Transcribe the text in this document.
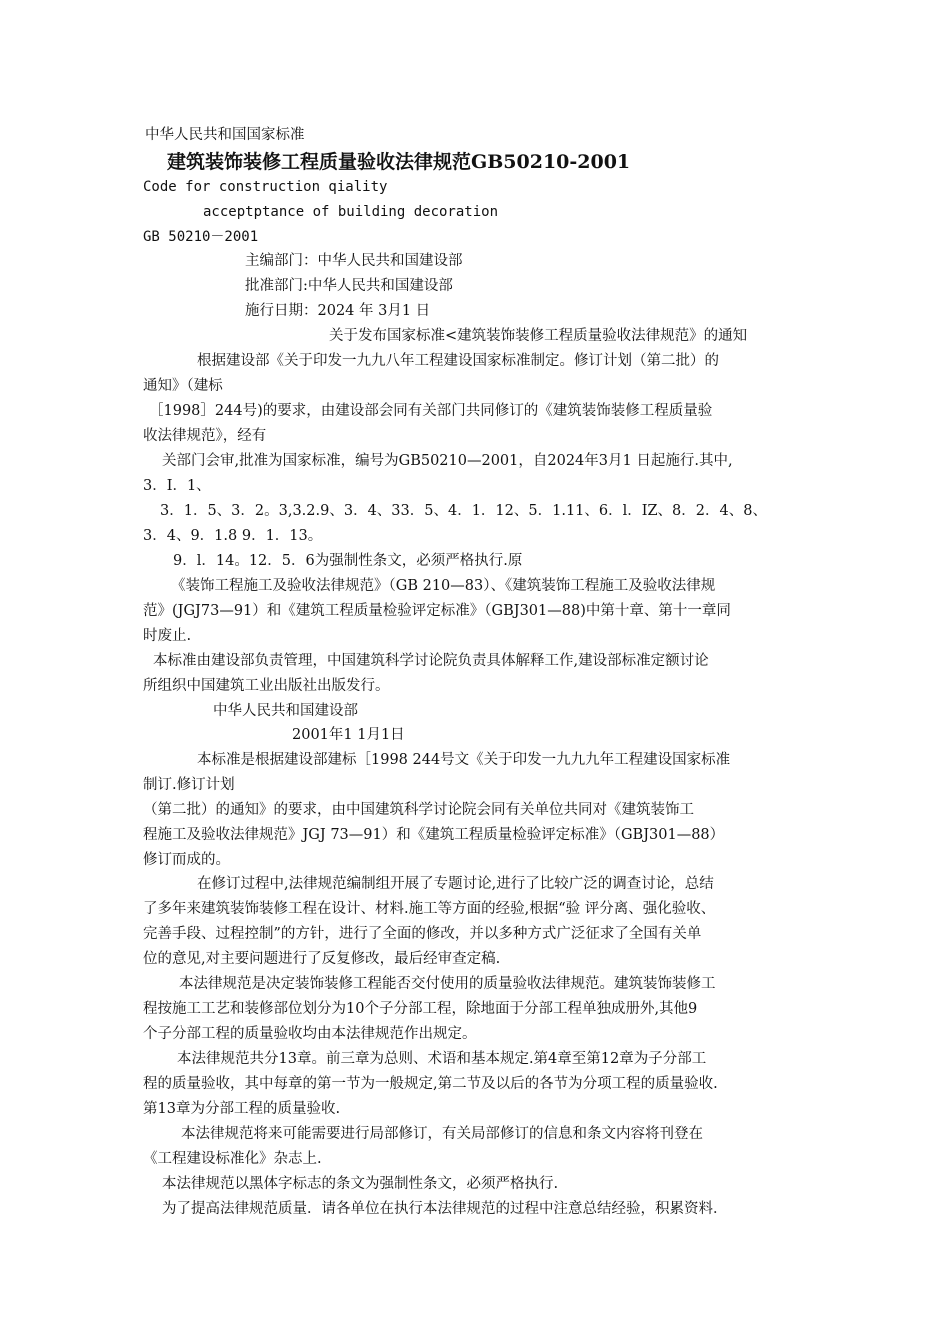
中华人民共和国国家标准
建筑装饰装修工程质量验收法律规范GB50210-2001
Code for construction qiality
acceptptance of building decoration
GB 50210－2001
主编部门：中华人民共和国建设部
批准部门:中华人民共和国建设部
施行日期：2024 年 3月1 日
关于发布国家标准<建筑装饰装修工程质量验收法律规范》的通知
根据建设部《关于印发一九九八年工程建设国家标准制定。修订计划（第二批）的
通知》（建标
［1998］244号)的要求，由建设部会同有关部门共同修订的《建筑装饰装修工程质量验
收法律规范》，经有
关部门会审,批准为国家标准，编号为GB50210—2001，自2024年3月1 日起施行.其中,
3．I．1、
3．1．5、3．2。3,3.2.9、3．4、33．5、4．1．12、5．1.11、6．l．IZ、8．2．4、8、
3．4、9．1.8 9．1．13。
9．l．14。12．5．6为强制性条文，必须严格执行.原
《装饰工程施工及验收法律规范》（GB 210—83）、《建筑装饰工程施工及验收法律规
范》(JGJ73—91）和《建筑工程质量检验评定标准》（GBJ301—88)中第十章、第十一章同
时废止.
本标准由建设部负责管理，中国建筑科学讨论院负责具体解释工作,建设部标准定额讨论
所组织中国建筑工业出版社出版发行。
中华人民共和国建设部
2001年1 1月1日
本标准是根据建设部建标［1998 244号文《关于印发一九九九年工程建设国家标准
制订.修订计划
（第二批）的通知》的要求，由中国建筑科学讨论院会同有关单位共同对《建筑装饰工
程施工及验收法律规范》JGJ 73—91）和《建筑工程质量检验评定标准》（GBJ301—88）
修订而成的。
在修订过程中,法律规范编制组开展了专题讨论,进行了比较广泛的调查讨论，总结
了多年来建筑装饰装修工程在设计、材料.施工等方面的经验,根据“验 评分离、强化验收、
完善手段、过程控制”的方针，进行了全面的修改，并以多种方式广泛征求了全国有关单
位的意见,对主要问题进行了反复修改，最后经审查定稿.
本法律规范是决定装饰装修工程能否交付使用的质量验收法律规范。建筑装饰装修工
程按施工工艺和装修部位划分为10个子分部工程，除地面于分部工程单独成册外,其他9
个子分部工程的质量验收均由本法律规范作出规定。
本法律规范共分13章。前三章为总则、术语和基本规定.第4章至第12章为子分部工
程的质量验收，其中每章的第一节为一般规定,第二节及以后的各节为分项工程的质量验收.
第13章为分部工程的质量验收.
本法律规范将来可能需要进行局部修订，有关局部修订的信息和条文内容将刊登在
《工程建设标准化》杂志上.
本法律规范以黑体字标志的条文为强制性条文，必须严格执行.
为了提高法律规范质量．请各单位在执行本法律规范的过程中注意总结经验，积累资料．
